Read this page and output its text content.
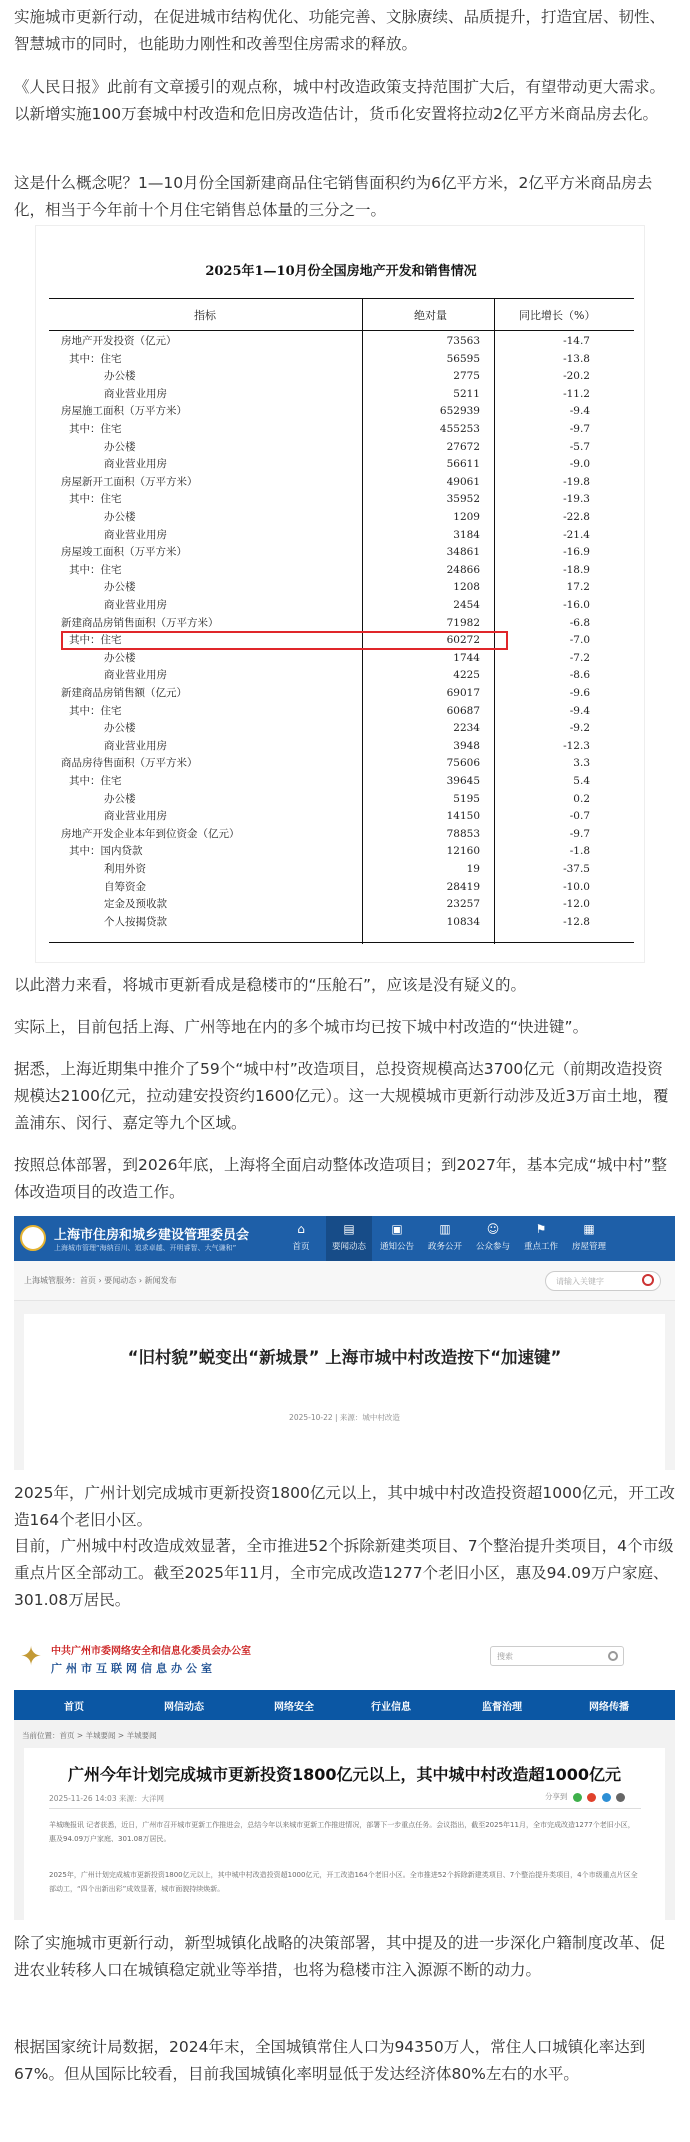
实施城市更新行动，在促进城市结构优化、功能完善、文脉赓续、品质提升，打造宜居、韧性、智慧城市的同时，也能助力刚性和改善型住房需求的释放。

《人民日报》此前有文章援引的观点称，城中村改造政策支持范围扩大后，有望带动更大需求。以新增实施100万套城中村改造和危旧房改造估计，货币化安置将拉动2亿平方米商品房去化。

这是什么概念呢？1—10月份全国新建商品住宅销售面积约为6亿平方米，2亿平方米商品房去化，相当于今年前十个月住宅销售总体量的三分之一。

2025年1—10月份全国房地产开发和销售情况
指标	绝对量	同比增长（%）
房地产开发投资（亿元）	73563	-14.7
其中：住宅	56595	-13.8
办公楼	2775	-20.2
商业营业用房	5211	-11.2
房屋施工面积（万平方米）	652939	-9.4
其中：住宅	455253	-9.7
办公楼	27672	-5.7
商业营业用房	56611	-9.0
房屋新开工面积（万平方米）	49061	-19.8
其中：住宅	35952	-19.3
办公楼	1209	-22.8
商业营业用房	3184	-21.4
房屋竣工面积（万平方米）	34861	-16.9
其中：住宅	24866	-18.9
办公楼	1208	17.2
商业营业用房	2454	-16.0
新建商品房销售面积（万平方米）	71982	-6.8
其中：住宅	60272	-7.0
办公楼	1744	-7.2
商业营业用房	4225	-8.6
新建商品房销售额（亿元）	69017	-9.6
其中：住宅	60687	-9.4
办公楼	2234	-9.2
商业营业用房	3948	-12.3
商品房待售面积（万平方米）	75606	3.3
其中：住宅	39645	5.4
办公楼	5195	0.2
商业营业用房	14150	-0.7
房地产开发企业本年到位资金（亿元）	78853	-9.7
其中：国内贷款	12160	-1.8
利用外资	19	-37.5
自筹资金	28419	-10.0
定金及预收款	23257	-12.0
个人按揭贷款	10834	-12.8

以此潜力来看，将城市更新看成是稳楼市的“压舱石”，应该是没有疑义的。

实际上，目前包括上海、广州等地在内的多个城市均已按下城中村改造的“快进键”。

据悉，上海近期集中推介了59个“城中村”改造项目，总投资规模高达3700亿元（前期改造投资规模达2100亿元，拉动建安投资约1600亿元）。这一大规模城市更新行动涉及近3万亩土地，覆盖浦东、闵行、嘉定等九个区域。

按照总体部署，到2026年底，上海将全面启动整体改造项目；到2027年，基本完成“城中村”整体改造项目的改造工作。

上海市住房和城乡建设管理委员会
上海城市管理“海纳百川、追求卓越、开明睿智、大气谦和”
⌂
首页
▤
要闻动态
▣
通知公告
▥
政务公开
☺
公众参与
⚑
重点工作
▦
房屋管理
上海城管服务：首页 › 要闻动态 › 新闻发布	请输入关键字
“旧村貌”蜕变出“新城景” 上海市城中村改造按下“加速键”
2025-10-22 | 来源：城中村改造

2025年，广州计划完成城市更新投资1800亿元以上，其中城中村改造投资超1000亿元，开工改造164个老旧小区。

目前，广州城中村改造成效显著，全市推进52个拆除新建类项目、7个整治提升类项目，4个市级重点片区全部动工。截至2025年11月，全市完成改造1277个老旧小区，惠及94.09万户家庭、301.08万居民。

✦ 中共广州市委网络安全和信息化委员会办公室
广州市互联网信息办公室
搜索
首页	网信动态	网络安全	行业信息	监督治理	网络传播
当前位置：首页 > 羊城要闻 > 羊城要闻
广州今年计划完成城市更新投资1800亿元以上，其中城中村改造超1000亿元
2025-11-26 14:03 来源：大洋网	分享到
羊城晚报讯 记者获悉，近日，广州市召开城市更新工作推进会，总结今年以来城市更新工作推进情况，部署下一步重点任务。会议指出，截至2025年11月，全市完成改造1277个老旧小区，惠及94.09万户家庭、301.08万居民。
2025年，广州计划完成城市更新投资1800亿元以上，其中城中村改造投资超1000亿元，开工改造164个老旧小区。全市推进52个拆除新建类项目、7个整治提升类项目，4个市级重点片区全部动工，“四个出新出彩”成效显著，城市面貌持续焕新。

除了实施城市更新行动，新型城镇化战略的决策部署，其中提及的进一步深化户籍制度改革、促进农业转移人口在城镇稳定就业等举措，也将为稳楼市注入源源不断的动力。

根据国家统计局数据，2024年末，全国城镇常住人口为94350万人，常住人口城镇化率达到67%。但从国际比较看，目前我国城镇化率明显低于发达经济体80%左右的水平。
